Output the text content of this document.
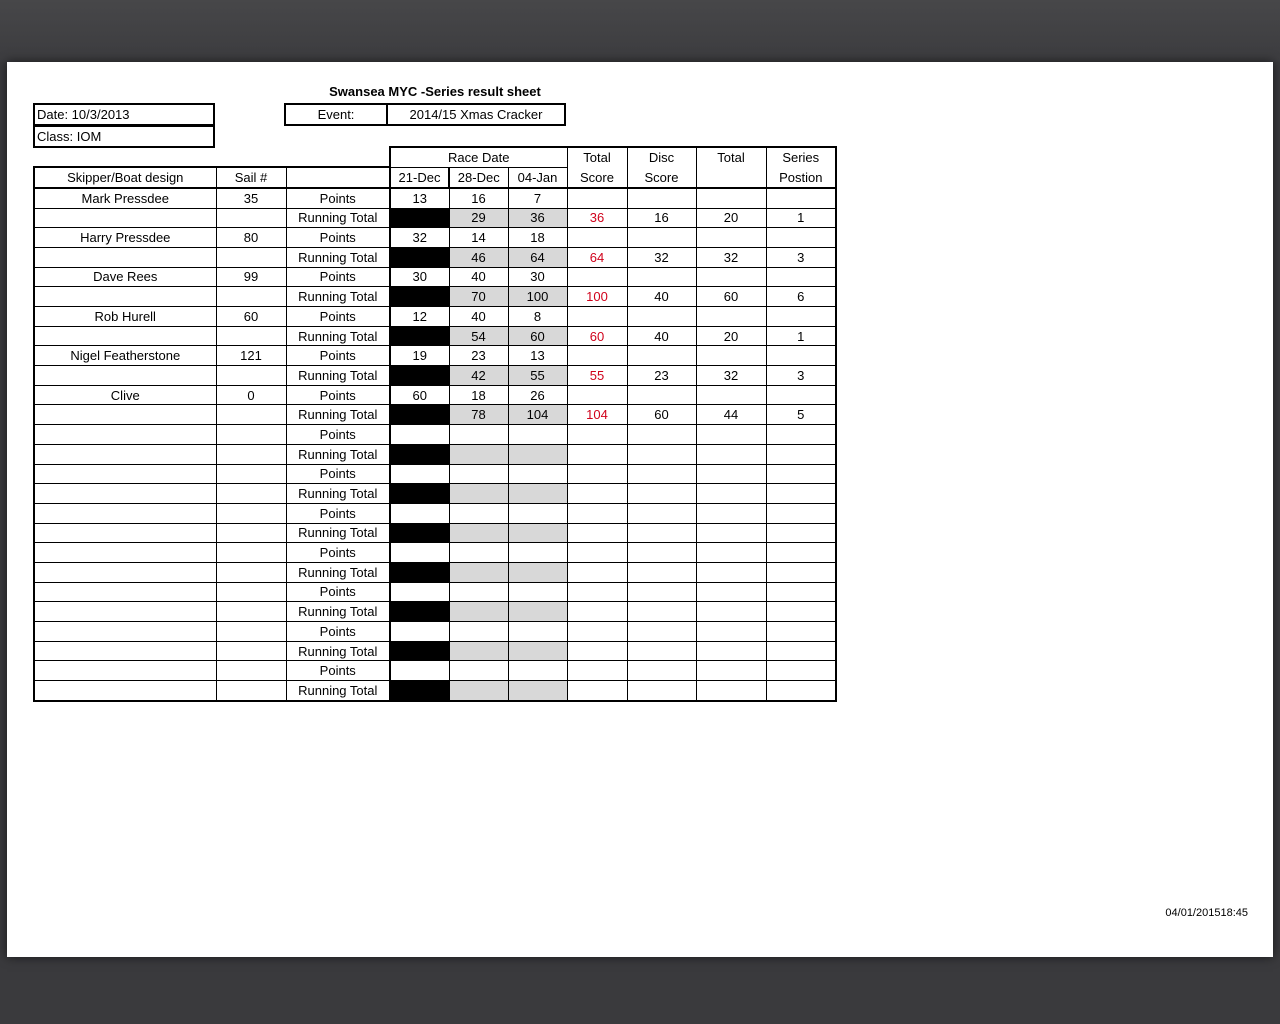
Swansea MYC -Series result sheet
Date: 10/3/2013
Class: IOM
Event:	2014/15 Xmas Cracker
			Race Date			Total	Disc	Total	Series
Skipper/Boat design	Sail #		21-Dec	28-Dec	04-Jan	Score	Score		Postion
Mark Pressdee	35	Points	13	16	7				
		Running Total		29	36	36	16	20	1
Harry Pressdee	80	Points	32	14	18				
		Running Total		46	64	64	32	32	3
Dave Rees	99	Points	30	40	30				
		Running Total		70	100	100	40	60	6
Rob Hurell	60	Points	12	40	8				
		Running Total		54	60	60	40	20	1
Nigel Featherstone	121	Points	19	23	13				
		Running Total		42	55	55	23	32	3
Clive	0	Points	60	18	26				
		Running Total		78	104	104	60	44	5
		Points							
		Running Total							
		Points							
		Running Total							
		Points							
		Running Total							
		Points							
		Running Total							
		Points							
		Running Total							
		Points							
		Running Total							
		Points							
		Running Total							
04/01/201518:45
